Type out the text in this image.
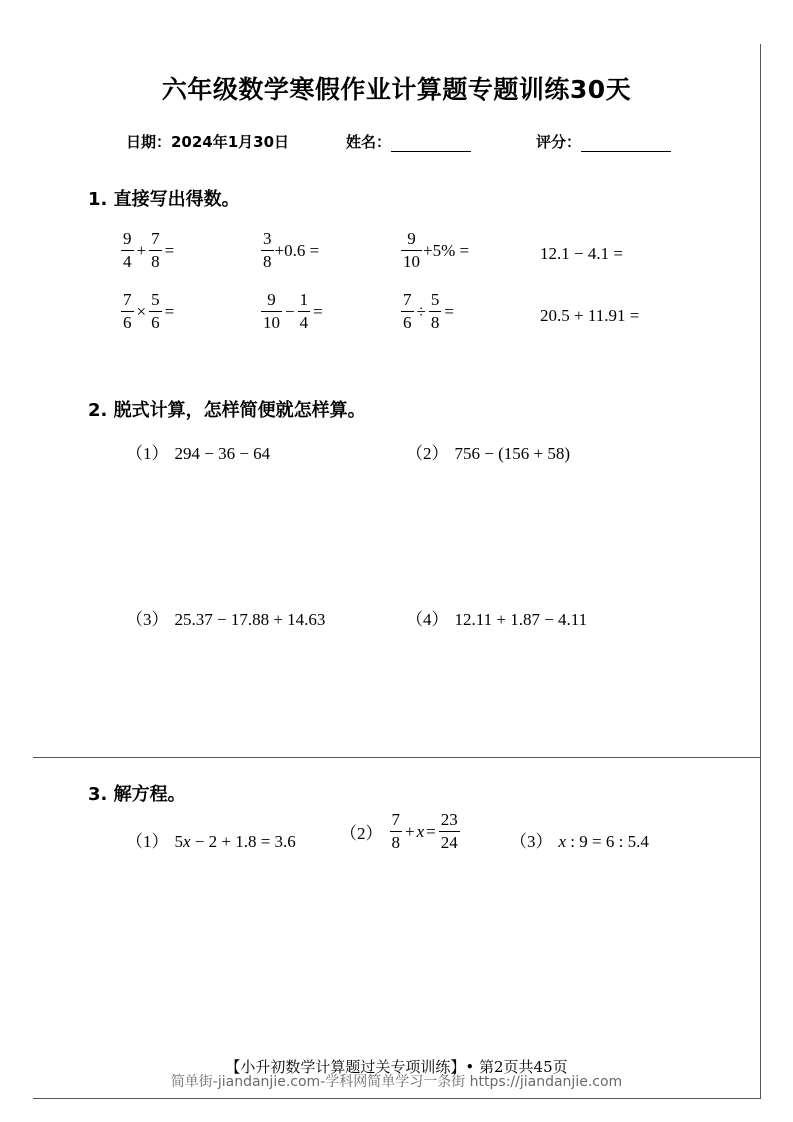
六年级数学寒假作业计算题专题训练30天
日期：2024年1月30日	姓名：	评分：
1. 直接写出得数。
$\frac{9}{4} + \frac{7}{8}$ =	$\frac{3}{8} +0.6$ =	$\frac{9}{10} +5\%$ =	12.1 − 4.1 =
$\frac{7}{6} \times \frac{5}{6}$ =	$\frac{9}{10} - \frac{1}{4}$ =	$\frac{7}{6} \div \frac{5}{8}$ =	20.5 + 11.91 =
2. 脱式计算，怎样简便就怎样算。
（1） 294 − 36 − 64	（2） 756 − (156 + 58)
（3） 25.37 − 17.88 + 14.63	（4） 12.11 + 1.87 − 4.11
3. 解方程。
（1） 5x − 2 + 1.8 = 3.6	$(2) \frac{7}{8} + x = \frac{23}{24}$	（3） x : 9 = 6 : 5.4
【小升初数学计算题过关专项训练】• 第2页共45页
简单街-jiandanjie.com-学科网简单学习一条街 https://jiandanjie.com
